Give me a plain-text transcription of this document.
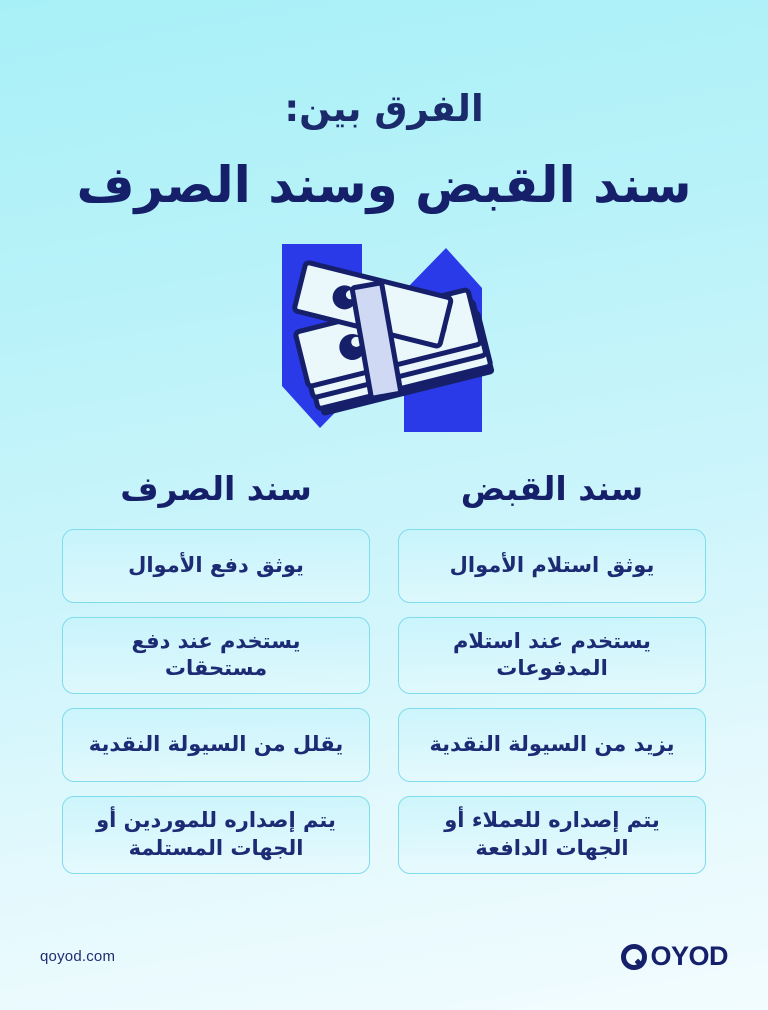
الفرق بين:
سند القبض وسند الصرف
سند القبض
يوثق استلام الأموال
يستخدم عند استلام المدفوعات
يزيد من السيولة النقدية
يتم إصداره للعملاء أو الجهات الدافعة
سند الصرف
يوثق دفع الأموال
يستخدم عند دفع مستحقات
يقلل من السيولة النقدية
يتم إصداره للموردين أو الجهات المستلمة
qoyod.com	OYOD
